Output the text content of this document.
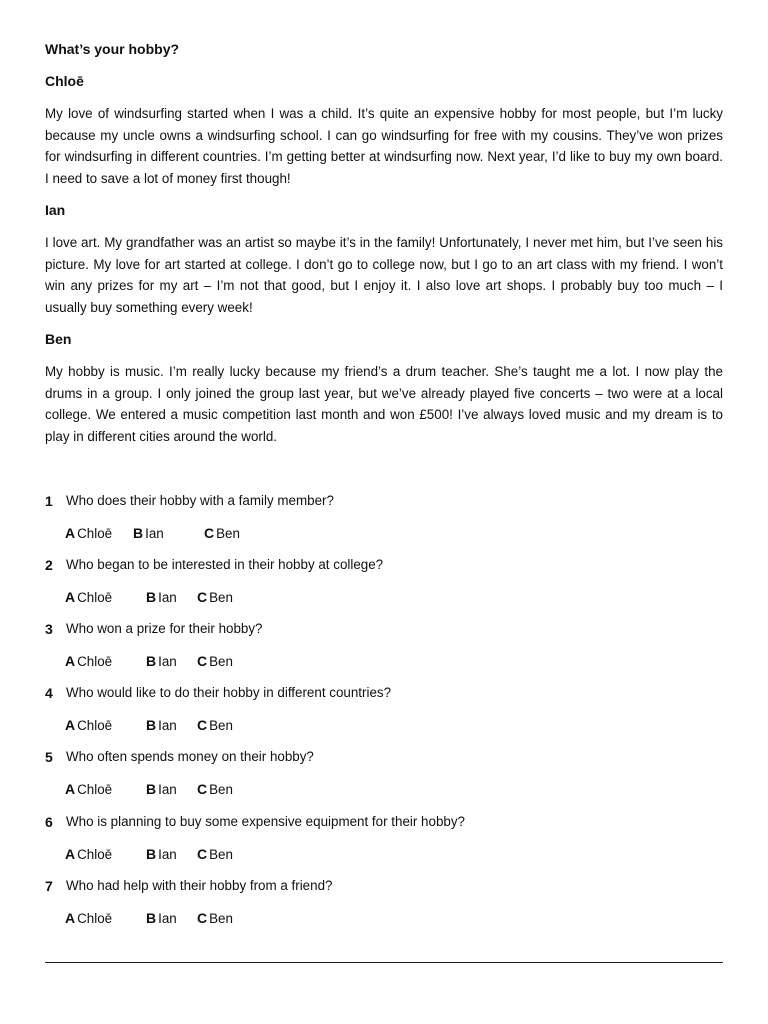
What’s your hobby?
Chloē
My love of windsurfing started when I was a child. It’s quite an expensive hobby for most people, but I’m lucky because my uncle owns a windsurfing school. I can go windsurfing for free with my cousins. They’ve won prizes for windsurfing in different countries. I’m getting better at windsurfing now. Next year, I’d like to buy my own board. I need to save a lot of money first though!
Ian
I love art. My grandfather was an artist so maybe it’s in the family! Unfortunately, I never met him, but I’ve seen his picture. My love for art started at college. I don’t go to college now, but I go to an art class with my friend. I won’t win any prizes for my art – I’m not that good, but I enjoy it. I also love art shops. I probably buy too much – I usually buy something every week!
Ben
My hobby is music. I’m really lucky because my friend’s a drum teacher. She’s taught me a lot. I now play the drums in a group. I only joined the group last year, but we’ve already played five concerts – two were at a local college. We entered a music competition last month and won £500! I’ve always loved music and my dream is to play in different cities around the world.
1 Who does their hobby with a family member?
A Chloē B Ian	C Ben
2 Who began to be interested in their hobby at college?
A Chloē B Ian C Ben
3 Who won a prize for their hobby?
A Chloē B Ian C Ben
4 Who would like to do their hobby in different countries?
A Chloē B Ian C Ben
5 Who often spends money on their hobby?
A Chloē B Ian C Ben
6 Who is planning to buy some expensive equipment for their hobby?
A Chloē B Ian C Ben
7 Who had help with their hobby from a friend?
A Chloē B Ian C Ben
